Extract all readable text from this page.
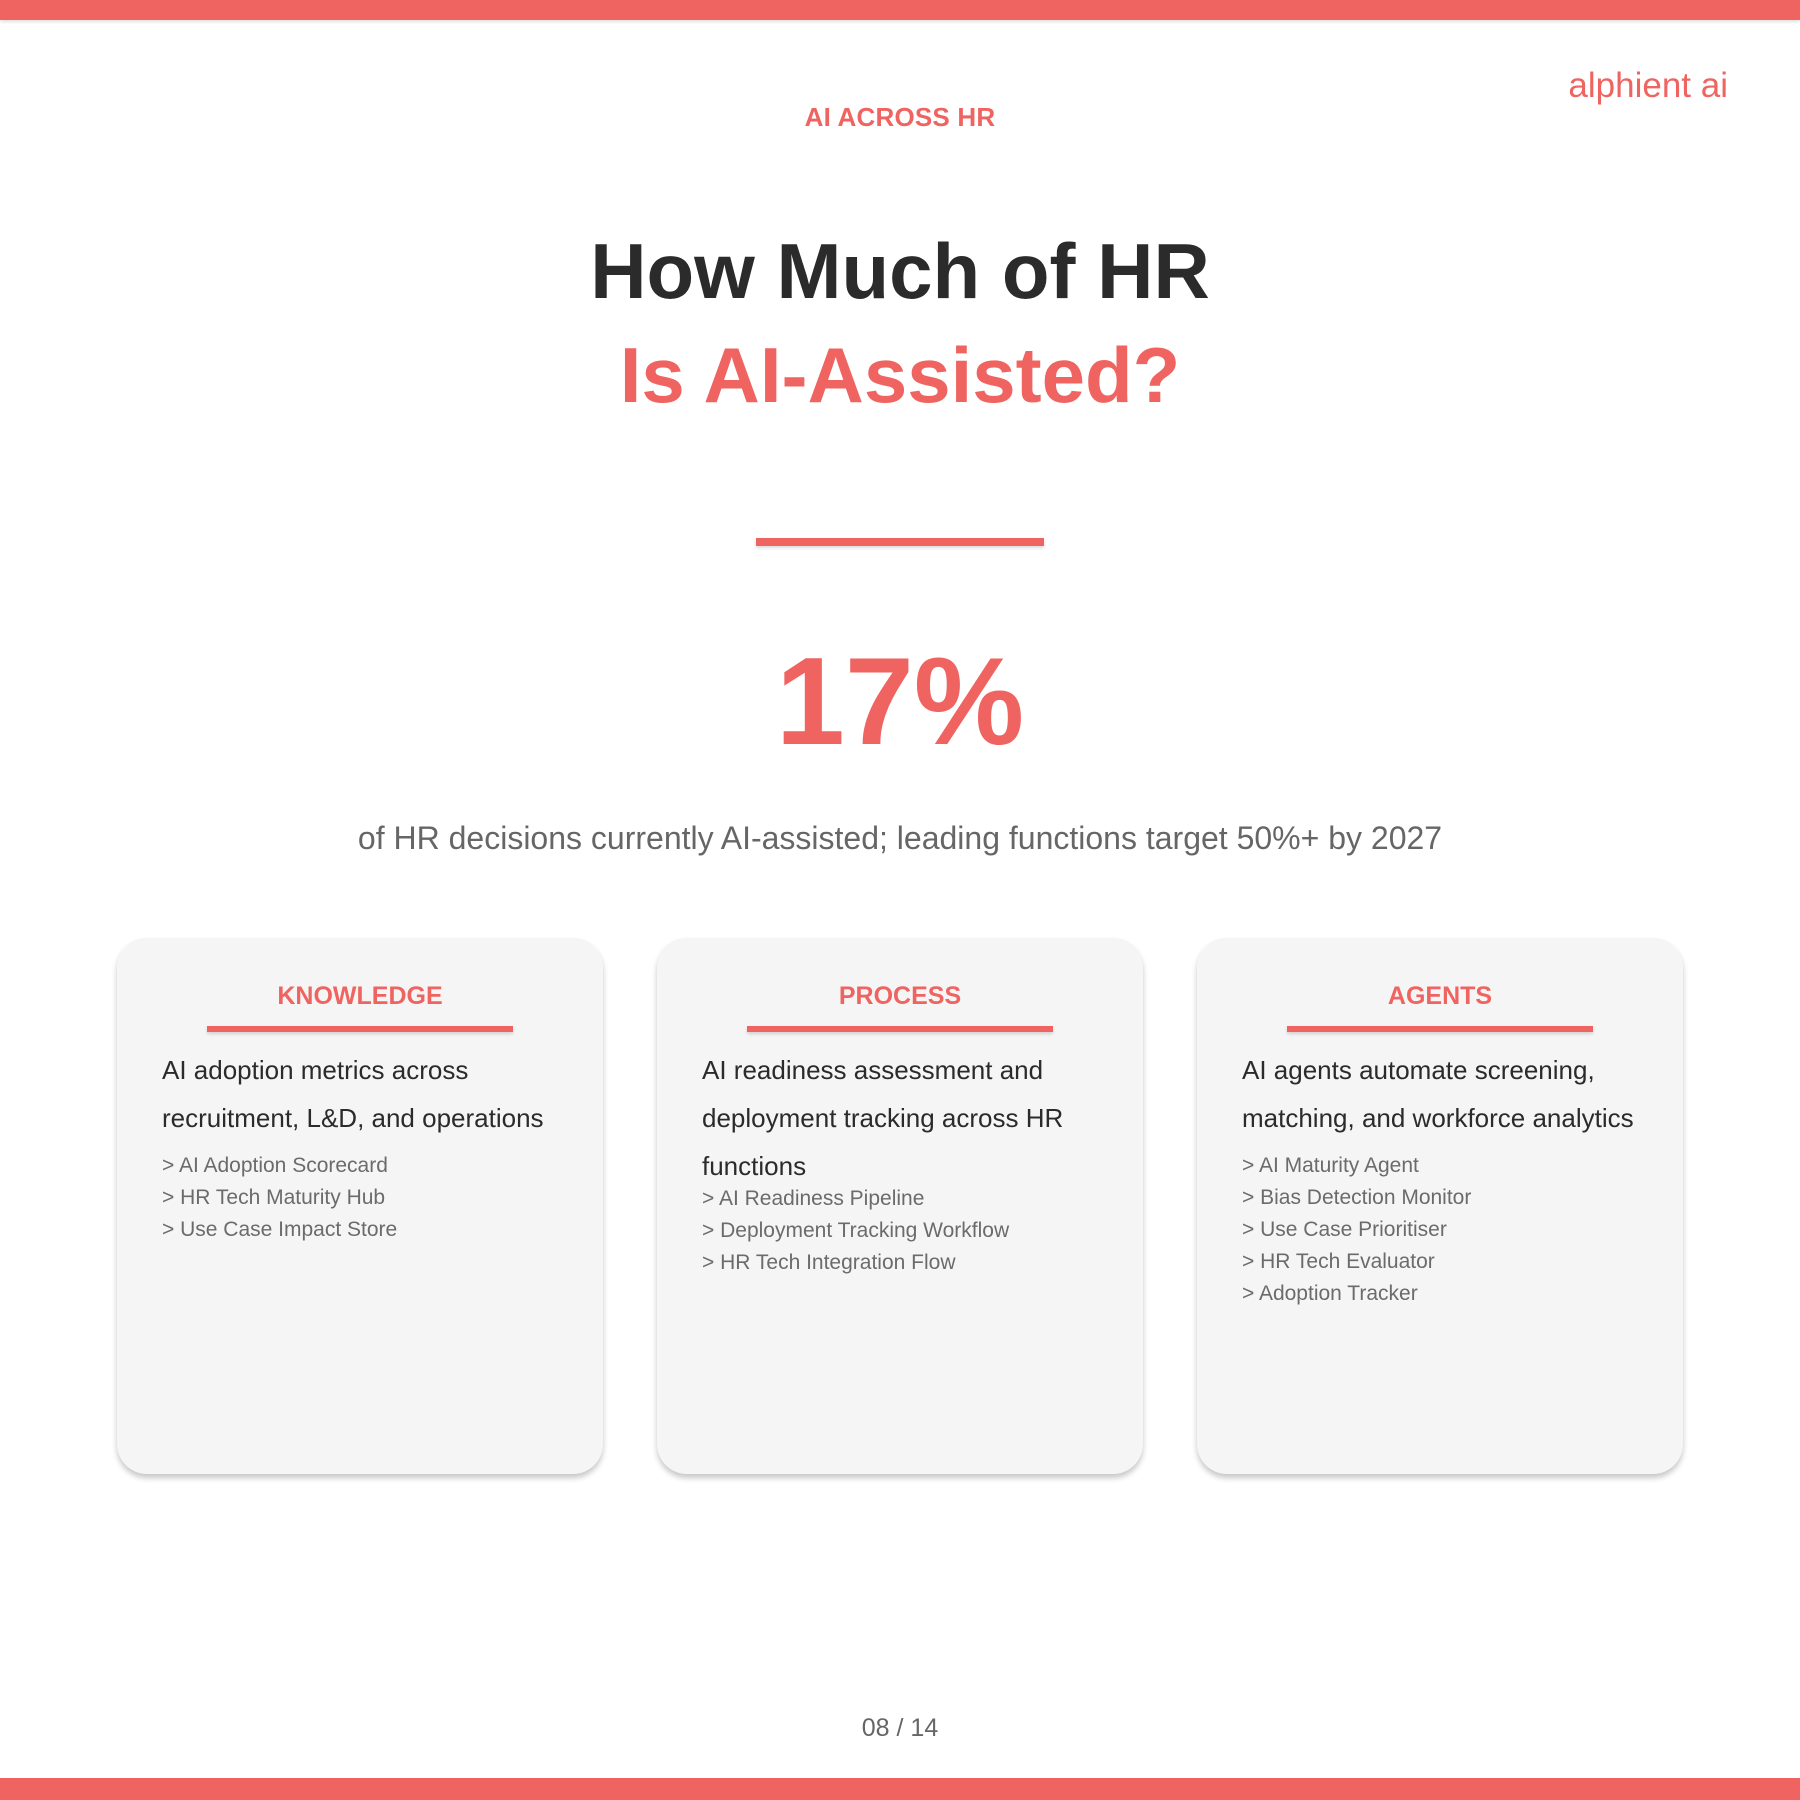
alphient ai
AI ACROSS HR
How Much of HR
Is AI-Assisted?
17%
of HR decisions currently AI-assisted; leading functions target 50%+ by 2027
KNOWLEDGE
AI adoption metrics across recruitment, L&D, and operations
> AI Adoption Scorecard
> HR Tech Maturity Hub
> Use Case Impact Store
PROCESS
AI readiness assessment and deployment tracking across HR functions
> AI Readiness Pipeline
> Deployment Tracking Workflow
> HR Tech Integration Flow
AGENTS
AI agents automate screening, matching, and workforce analytics
> AI Maturity Agent
> Bias Detection Monitor
> Use Case Prioritiser
> HR Tech Evaluator
> Adoption Tracker
08 / 14
